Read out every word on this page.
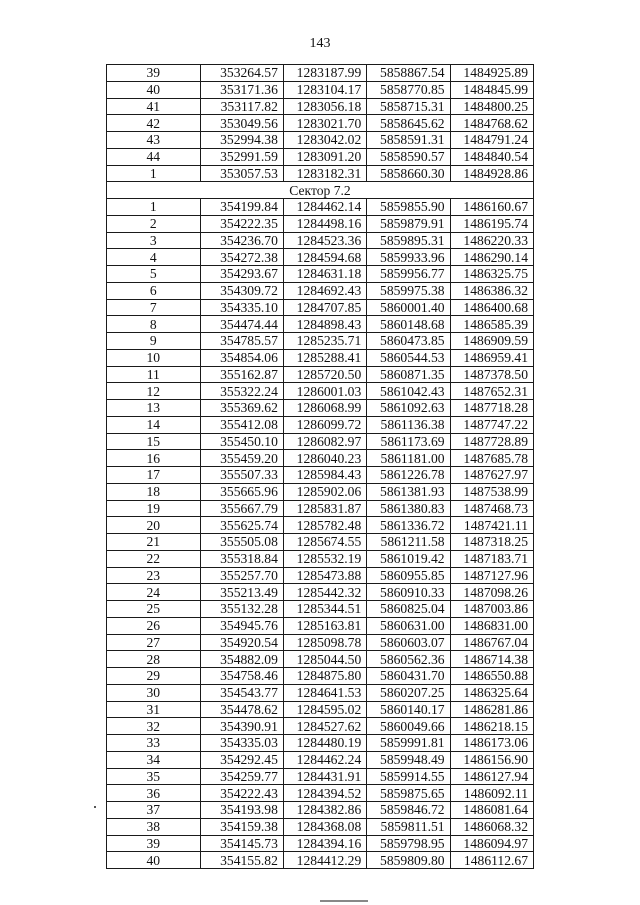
143
39	353264.57	1283187.99	5858867.54	1484925.89
40	353171.36	1283104.17	5858770.85	1484845.99
41	353117.82	1283056.18	5858715.31	1484800.25
42	353049.56	1283021.70	5858645.62	1484768.62
43	352994.38	1283042.02	5858591.31	1484791.24
44	352991.59	1283091.20	5858590.57	1484840.54
1	353057.53	1283182.31	5858660.30	1484928.86
Сектор 7.2				
1	354199.84	1284462.14	5859855.90	1486160.67
2	354222.35	1284498.16	5859879.91	1486195.74
3	354236.70	1284523.36	5859895.31	1486220.33
4	354272.38	1284594.68	5859933.96	1486290.14
5	354293.67	1284631.18	5859956.77	1486325.75
6	354309.72	1284692.43	5859975.38	1486386.32
7	354335.10	1284707.85	5860001.40	1486400.68
8	354474.44	1284898.43	5860148.68	1486585.39
9	354785.57	1285235.71	5860473.85	1486909.59
10	354854.06	1285288.41	5860544.53	1486959.41
11	355162.87	1285720.50	5860871.35	1487378.50
12	355322.24	1286001.03	5861042.43	1487652.31
13	355369.62	1286068.99	5861092.63	1487718.28
14	355412.08	1286099.72	5861136.38	1487747.22
15	355450.10	1286082.97	5861173.69	1487728.89
16	355459.20	1286040.23	5861181.00	1487685.78
17	355507.33	1285984.43	5861226.78	1487627.97
18	355665.96	1285902.06	5861381.93	1487538.99
19	355667.79	1285831.87	5861380.83	1487468.73
20	355625.74	1285782.48	5861336.72	1487421.11
21	355505.08	1285674.55	5861211.58	1487318.25
22	355318.84	1285532.19	5861019.42	1487183.71
23	355257.70	1285473.88	5860955.85	1487127.96
24	355213.49	1285442.32	5860910.33	1487098.26
25	355132.28	1285344.51	5860825.04	1487003.86
26	354945.76	1285163.81	5860631.00	1486831.00
27	354920.54	1285098.78	5860603.07	1486767.04
28	354882.09	1285044.50	5860562.36	1486714.38
29	354758.46	1284875.80	5860431.70	1486550.88
30	354543.77	1284641.53	5860207.25	1486325.64
31	354478.62	1284595.02	5860140.17	1486281.86
32	354390.91	1284527.62	5860049.66	1486218.15
33	354335.03	1284480.19	5859991.81	1486173.06
34	354292.45	1284462.24	5859948.49	1486156.90
35	354259.77	1284431.91	5859914.55	1486127.94
36	354222.43	1284394.52	5859875.65	1486092.11
37	354193.98	1284382.86	5859846.72	1486081.64
38	354159.38	1284368.08	5859811.51	1486068.32
39	354145.73	1284394.16	5859798.95	1486094.97
40	354155.82	1284412.29	5859809.80	1486112.67
